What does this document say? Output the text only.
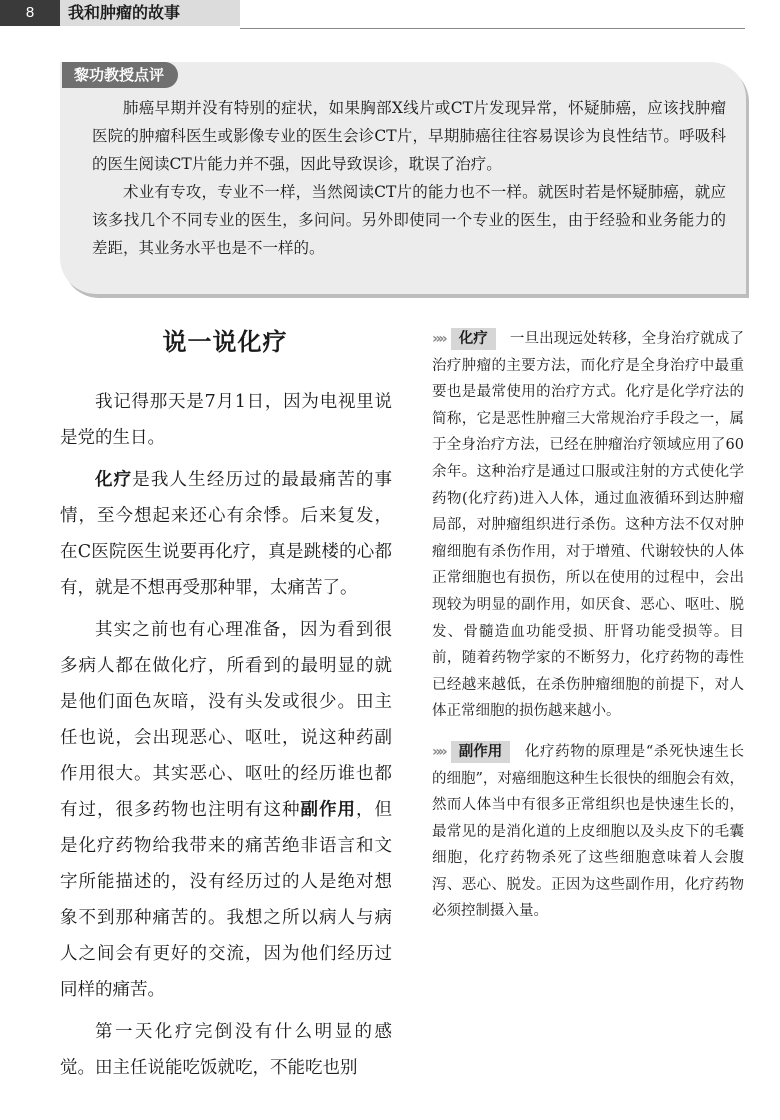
8	我和肿瘤的故事
黎功教授点评

肺癌早期并没有特别的症状，如果胸部X线片或CT片发现异常，怀疑肺癌，应该找肿瘤医院的肿瘤科医生或影像专业的医生会诊CT片，早期肺癌往往容易误诊为良性结节。呼吸科的医生阅读CT片能力并不强，因此导致误诊，耽误了治疗。

术业有专攻，专业不一样，当然阅读CT片的能力也不一样。就医时若是怀疑肺癌，就应该多找几个不同专业的医生，多问问。另外即使同一个专业的医生，由于经验和业务能力的差距，其业务水平也是不一样的。

说一说化疗

我记得那天是7月1日，因为电视里说是党的生日。

化疗是我人生经历过的最最痛苦的事情，至今想起来还心有余悸。后来复发，在C医院医生说要再化疗，真是跳楼的心都有，就是不想再受那种罪，太痛苦了。

其实之前也有心理准备，因为看到很多病人都在做化疗，所看到的最明显的就是他们面色灰暗，没有头发或很少。田主任也说，会出现恶心、呕吐，说这种药副作用很大。其实恶心、呕吐的经历谁也都有过，很多药物也注明有这种副作用，但是化疗药物给我带来的痛苦绝非语言和文字所能描述的，没有经历过的人是绝对想象不到那种痛苦的。我想之所以病人与病人之间会有更好的交流，因为他们经历过同样的痛苦。

第一天化疗完倒没有什么明显的感觉。田主任说能吃饭就吃，不能吃也别

»» 化疗 一旦出现远处转移，全身治疗就成了治疗肿瘤的主要方法，而化疗是全身治疗中最重要也是最常使用的治疗方式。化疗是化学疗法的简称，它是恶性肿瘤三大常规治疗手段之一，属于全身治疗方法，已经在肿瘤治疗领域应用了60余年。这种治疗是通过口服或注射的方式使化学药物(化疗药)进入人体，通过血液循环到达肿瘤局部，对肿瘤组织进行杀伤。这种方法不仅对肿瘤细胞有杀伤作用，对于增殖、代谢较快的人体正常细胞也有损伤，所以在使用的过程中，会出现较为明显的副作用，如厌食、恶心、呕吐、脱发、骨髓造血功能受损、肝肾功能受损等。目前，随着药物学家的不断努力，化疗药物的毒性已经越来越低，在杀伤肿瘤细胞的前提下，对人体正常细胞的损伤越来越小。

»» 副作用 化疗药物的原理是“杀死快速生长的细胞”，对癌细胞这种生长很快的细胞会有效，然而人体当中有很多正常组织也是快速生长的，最常见的是消化道的上皮细胞以及头皮下的毛囊细胞，化疗药物杀死了这些细胞意味着人会腹泻、恶心、脱发。正因为这些副作用，化疗药物必须控制摄入量。
